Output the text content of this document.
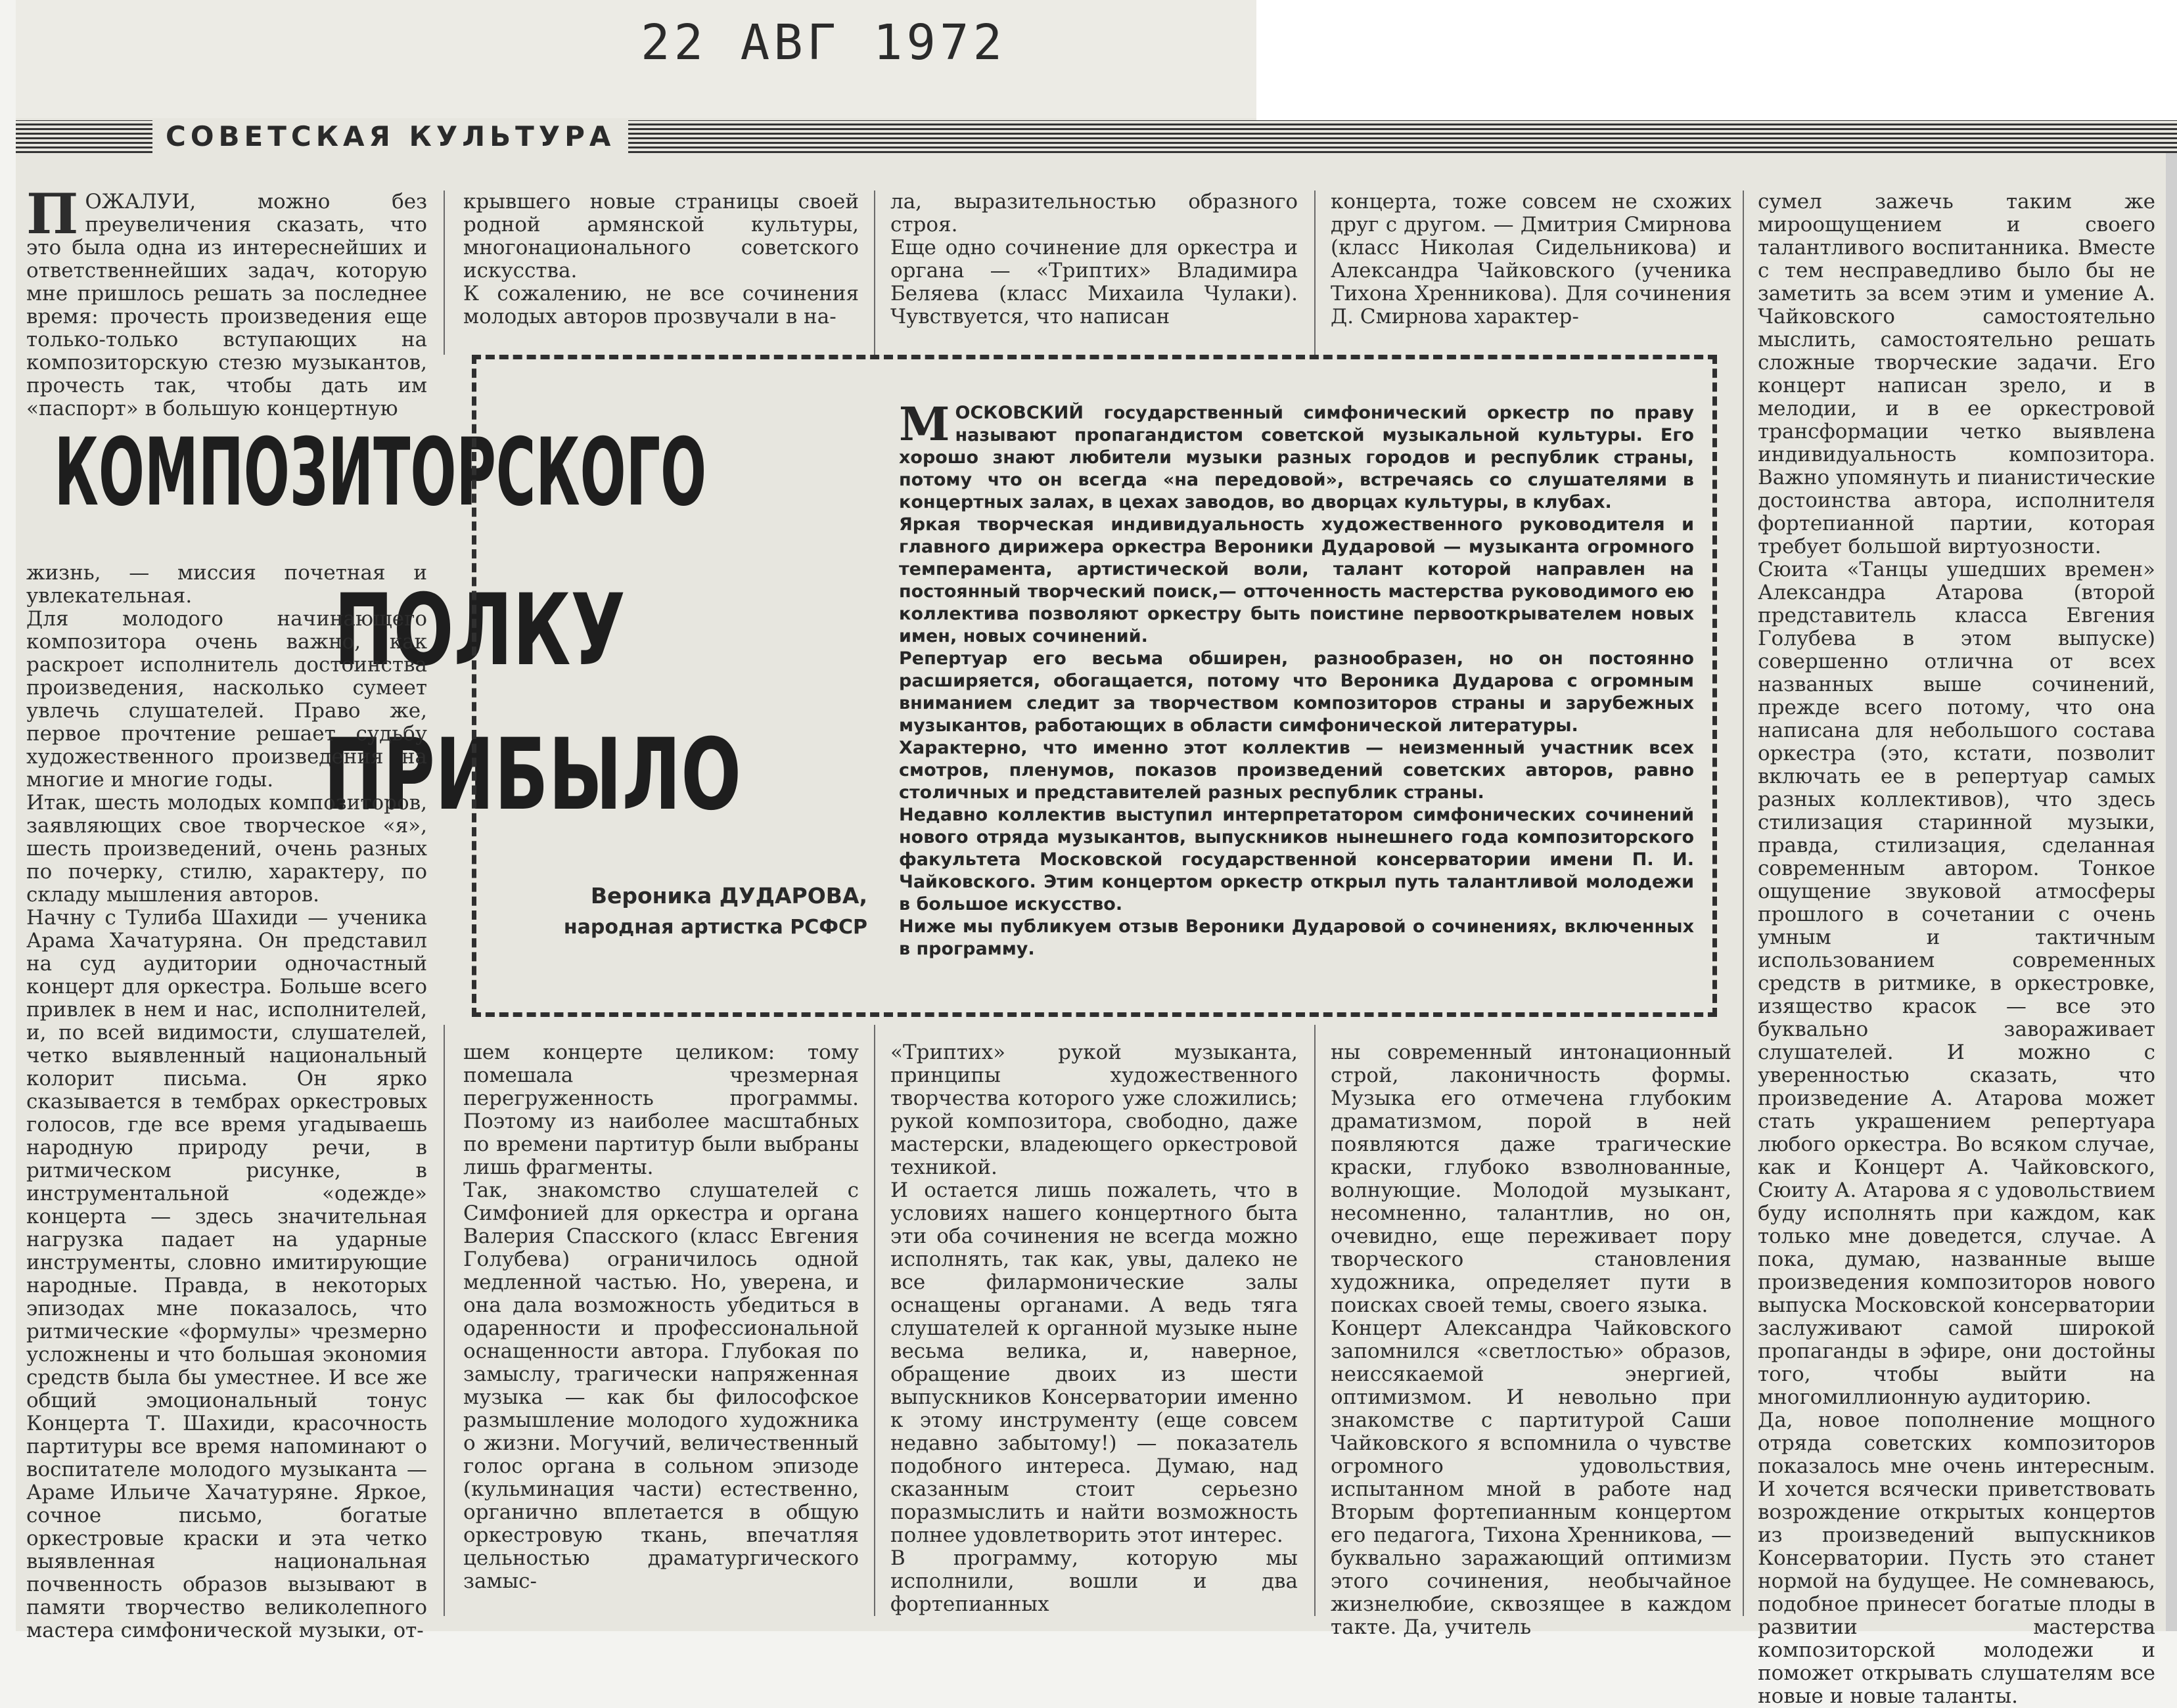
22 ABГ 1972
СОВЕТСКАЯ КУЛЬТУРА
ПОЖАЛУИ, можно без преувеличения сказать, что это была одна из интереснейших и ответственнейших задач, которую мне пришлось решать за последнее время: прочесть произведения еще только-только вступающих на композиторскую стезю музыкантов, прочесть так, чтобы дать им «паспорт» в большую концертную
крывшего новые страницы своей родной армянской культуры, многонационального советского искусства.
К сожалению, не все сочинения молодых авторов прозвучали в на-
ла, выразительностью образного строя.
Еще одно сочинение для оркестра и органа — «Триптих» Владимира Беляева (класс Михаила Чулаки). Чувствуется, что написан
концерта, тоже совсем не схожих друг с другом. — Дмитрия Смирнова (класс Николая Сидельникова) и Александра Чайковского (ученика Тихона Хренникова). Для сочинения Д. Смирнова характер-
сумел зажечь таким же мироощущением и своего талантливого воспитанника. Вместе с тем несправедливо было бы не заметить за всем этим и умение А. Чайковского самостоятельно мыслить, самостоятельно решать сложные творческие задачи. Его концерт написан зрело, и в мелодии, и в ее оркестровой трансформации четко выявлена индивидуальность композитора. Важно упомянуть и пианистические достоинства автора, исполнителя фортепианной партии, которая требует большой виртуозности.
Сюита «Танцы ушедших времен» Александра Атарова (второй представитель класса Евгения Голубева в этом выпуске) совершенно отлична от всех названных выше сочинений, прежде всего потому, что она написана для небольшого состава оркестра (это, кстати, позволит включать ее в репертуар самых разных коллективов), что здесь стилизация старинной музыки, правда, стилизация, сделанная современным автором. Тонкое ощущение звуковой атмосферы прошлого в сочетании с очень умным и тактичным использованием современных средств в ритмике, в оркестровке, изящество красок — все это буквально завораживает слушателей. И можно с уверенностью сказать, что произведение А. Атарова может стать украшением репертуара любого оркестра. Во всяком случае, как и Концерт А. Чайковского, Сюиту А. Атарова я с удовольствием буду исполнять при каждом, как только мне доведется, случае. А пока, думаю, названные выше произведения композиторов нового выпуска Московской консерватории заслуживают самой широкой пропаганды в эфире, они достойны того, чтобы выйти на многомиллионную аудиторию.
Да, новое пополнение мощного отряда советских композиторов показалось мне очень интересным. И хочется всячески приветствовать возрождение открытых концертов из произведений выпускников Консерватории. Пусть это станет нормой на будущее. Не сомневаюсь, подобное принесет богатые плоды в развитии мастерства композиторской молодежи и поможет открывать слушателям все новые и новые таланты.
КОМПОЗИТОРСКОГО
ПОЛКУ
ПРИБЫЛО
Вероника ДУДАРОВА,
народная артистка РСФСР
МОСКОВСКИЙ государственный симфонический оркестр по праву называют пропагандистом советской музыкальной культуры. Его хорошо знают любители музыки разных городов и республик страны, потому что он всегда «на передовой», встречаясь со слушателями в концертных залах, в цехах заводов, во дворцах культуры, в клубах.
Яркая творческая индивидуальность художественного руководителя и главного дирижера оркестра Вероники Дударовой — музыканта огромного темперамента, артистической воли, талант которой направлен на постоянный творческий поиск,— отточенность мастерства руководимого ею коллектива позволяют оркестру быть поистине первооткрывателем новых имен, новых сочинений.
Репертуар его весьма обширен, разнообразен, но он постоянно расширяется, обогащается, потому что Вероника Дударова с огромным вниманием следит за творчеством композиторов страны и зарубежных музыкантов, работающих в области симфонической литературы.
Характерно, что именно этот коллектив — неизменный участник всех смотров, пленумов, показов произведений советских авторов, равно столичных и представителей разных республик страны.
Недавно коллектив выступил интерпретатором симфонических сочинений нового отряда музыкантов, выпускников нынешнего года композиторского факультета Московской государственной консерватории имени П. И. Чайковского. Этим концертом оркестр открыл путь талантливой молодежи в большое искусство.
Ниже мы публикуем отзыв Вероники Дударовой о сочинениях, включенных в программу.
жизнь, — миссия почетная и увлекательная.
Для молодого начинающего композитора очень важно, как раскроет исполнитель достоинства произведения, насколько сумеет увлечь слушателей. Право же, первое прочтение решает судьбу художественного произведения на многие и многие годы.
Итак, шесть молодых композиторов, заявляющих свое творческое «я», шесть произведений, очень разных по почерку, стилю, характеру, по складу мышления авторов.
Начну с Тулиба Шахиди — ученика Арама Хачатуряна. Он представил на суд аудитории одночастный концерт для оркестра. Больше всего привлек в нем и нас, исполнителей, и, по всей видимости, слушателей, четко выявленный национальный колорит письма. Он ярко сказывается в тембрах оркестровых голосов, где все время угадываешь народную природу речи, в ритмическом рисунке, в инструментальной «одежде» концерта — здесь значительная нагрузка падает на ударные инструменты, словно имитирующие народные. Правда, в некоторых эпизодах мне показалось, что ритмические «формулы» чрезмерно усложнены и что большая экономия средств была бы уместнее. И все же общий эмоциональный тонус Концерта Т. Шахиди, красочность партитуры все время напоминают о воспитателе молодого музыканта — Араме Ильиче Хачатуряне. Яркое, сочное письмо, богатые оркестровые краски и эта четко выявленная национальная почвенность образов вызывают в памяти творчество великолепного мастера симфонической музыки, от-
шем концерте целиком: тому помешала чрезмерная перегруженность программы. Поэтому из наиболее масштабных по времени партитур были выбраны лишь фрагменты.
Так, знакомство слушателей с Симфонией для оркестра и органа Валерия Спасского (класс Евгения Голубева) ограничилось одной медленной частью. Но, уверена, и она дала возможность убедиться в одаренности и профессиональной оснащенности автора. Глубокая по замыслу, трагически напряженная музыка — как бы философское размышление молодого художника о жизни. Могучий, величественный голос органа в сольном эпизоде (кульминация части) естественно, органично вплетается в общую оркестровую ткань, впечатляя цельностью драматургического замыс-
«Триптих» рукой музыканта, принципы художественного творчества которого уже сложились; рукой композитора, свободно, даже мастерски, владеющего оркестровой техникой.
И остается лишь пожалеть, что в условиях нашего концертного быта эти оба сочинения не всегда можно исполнять, так как, увы, далеко не все филармонические залы оснащены органами. А ведь тяга слушателей к органной музыке ныне весьма велика, и, наверное, обращение двоих из шести выпускников Консерватории именно к этому инструменту (еще совсем недавно забытому!) — показатель подобного интереса. Думаю, над сказанным стоит серьезно поразмыслить и найти возможность полнее удовлетворить этот интерес.
В программу, которую мы исполнили, вошли и два фортепианных
ны современный интонационный строй, лаконичность формы. Музыка его отмечена глубоким драматизмом, порой в ней появляются даже трагические краски, глубоко взволнованные, волнующие. Молодой музыкант, несомненно, талантлив, но он, очевидно, еще переживает пору творческого становления художника, определяет пути в поисках своей темы, своего языка.
Концерт Александра Чайковского запомнился «светлостью» образов, неиссякаемой энергией, оптимизмом. И невольно при знакомстве с партитурой Саши Чайковского я вспомнила о чувстве огромного удовольствия, испытанном мной в работе над Вторым фортепианным концертом его педагога, Тихона Хренникова, — буквально заражающий оптимизм этого сочинения, необычайное жизнелюбие, сквозящее в каждом такте. Да, учитель
